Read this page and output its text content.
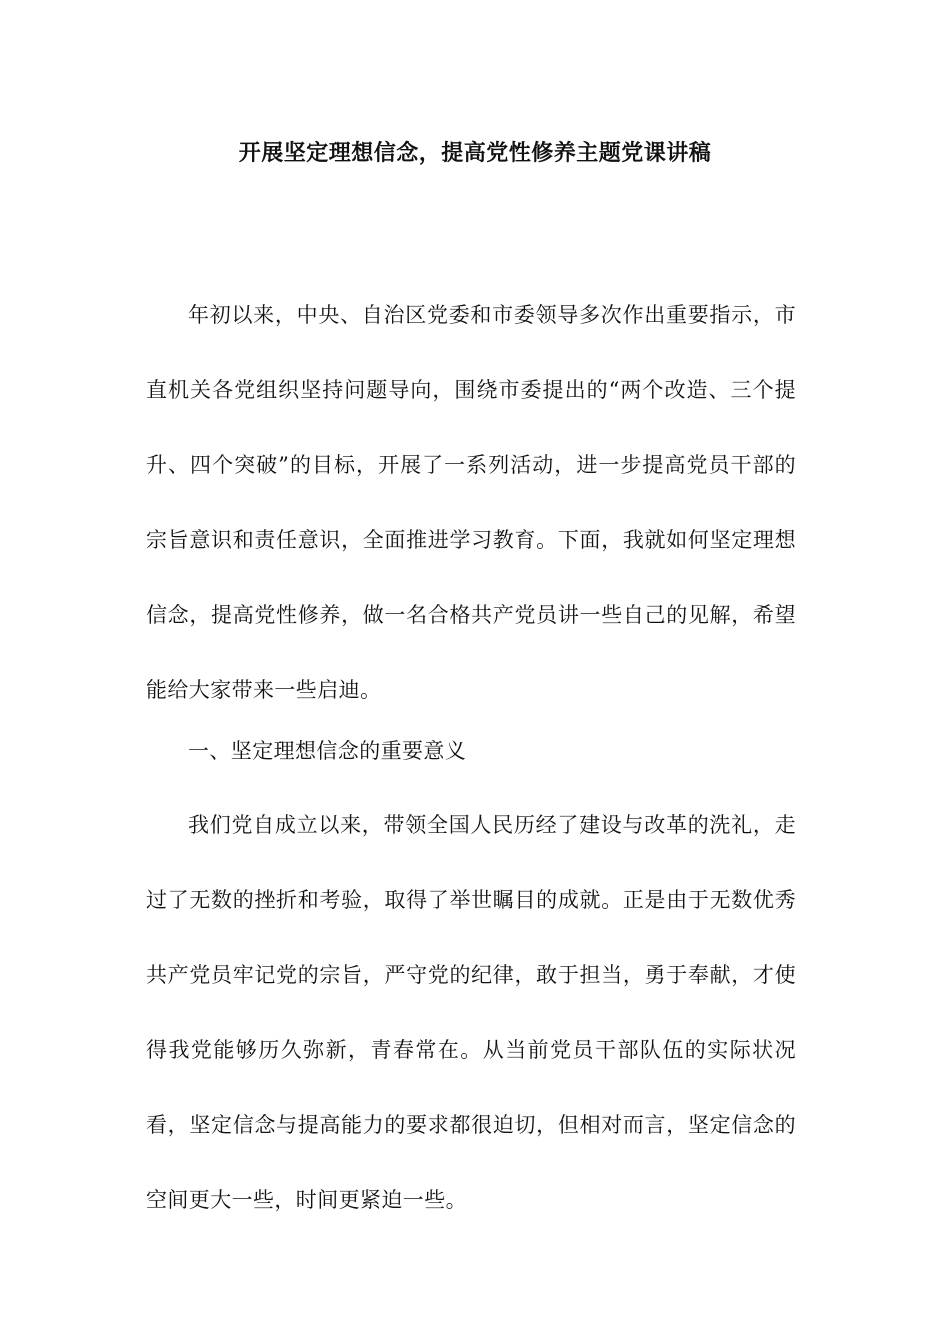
开展坚定理想信念，提高党性修养主题党课讲稿

年初以来，中央、自治区党委和市委领导多次作出重要指示，市直机关各党组织坚持问题导向，围绕市委提出的“两个改造、三个提升、四个突破”的目标，开展了一系列活动，进一步提高党员干部的宗旨意识和责任意识，全面推进学习教育。下面，我就如何坚定理想信念，提高党性修养，做一名合格共产党员讲一些自己的见解，希望能给大家带来一些启迪。

一、坚定理想信念的重要意义

我们党自成立以来，带领全国人民历经了建设与改革的洗礼，走过了无数的挫折和考验，取得了举世瞩目的成就。正是由于无数优秀共产党员牢记党的宗旨，严守党的纪律，敢于担当，勇于奉献，才使得我党能够历久弥新，青春常在。从当前党员干部队伍的实际状况看，坚定信念与提高能力的要求都很迫切，但相对而言，坚定信念的空间更大一些，时间更紧迫一些。
